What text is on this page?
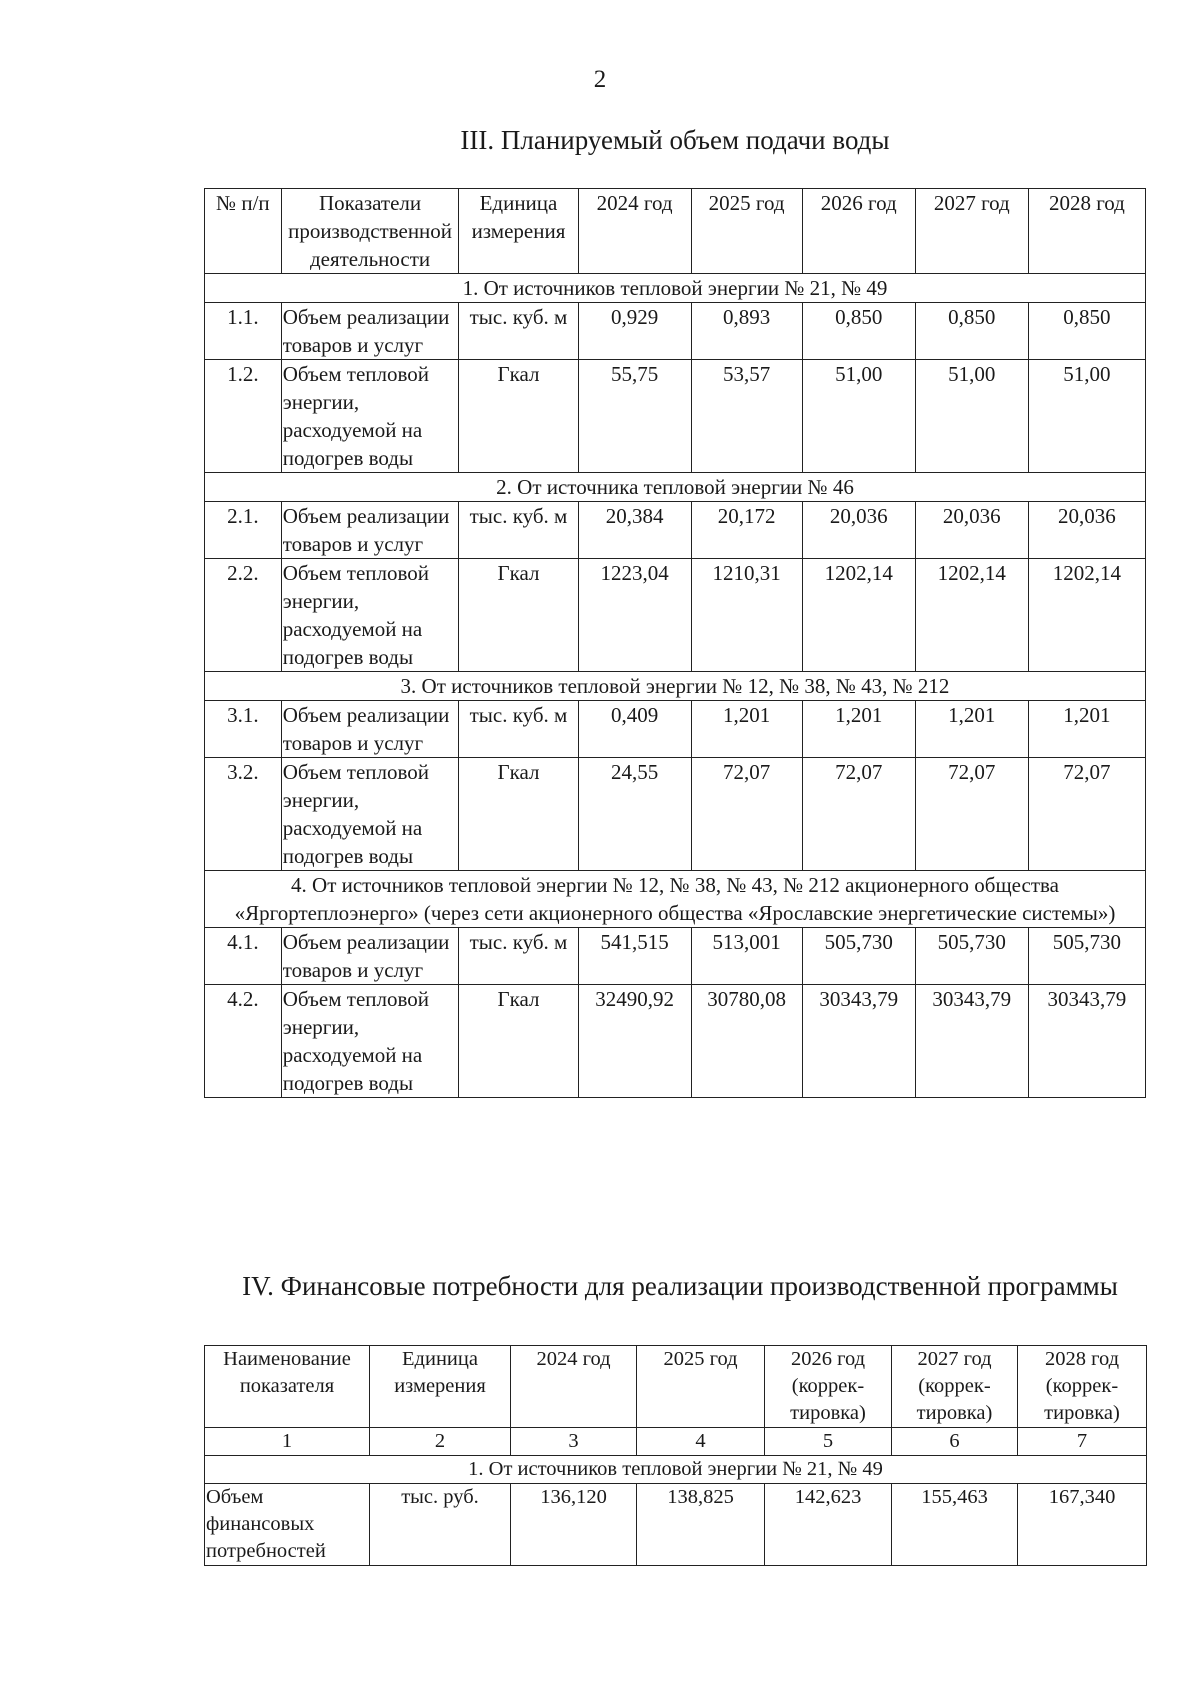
2
III. Планируемый объем подачи воды
№ п/п	Показатели производственной деятельности	Единица измерения	2024 год	2025 год	2026 год	2027 год	2028 год
1. От источников тепловой энергии № 21, № 49							
1.1.	Объем реализации товаров и услуг	тыс. куб. м	0,929	0,893	0,850	0,850	0,850
1.2.	Объем тепловой энергии, расходуемой на подогрев воды	Гкал	55,75	53,57	51,00	51,00	51,00
2. От источника тепловой энергии № 46							
2.1.	Объем реализации товаров и услуг	тыс. куб. м	20,384	20,172	20,036	20,036	20,036
2.2.	Объем тепловой энергии, расходуемой на подогрев воды	Гкал	1223,04	1210,31	1202,14	1202,14	1202,14
3. От источников тепловой энергии № 12, № 38, № 43, № 212							
3.1.	Объем реализации товаров и услуг	тыс. куб. м	0,409	1,201	1,201	1,201	1,201
3.2.	Объем тепловой энергии, расходуемой на подогрев воды	Гкал	24,55	72,07	72,07	72,07	72,07
4. От источников тепловой энергии № 12, № 38, № 43, № 212 акционерного общества «Яргортеплоэнерго» (через сети акционерного общества «Ярославские энергетические системы»)							
4.1.	Объем реализации товаров и услуг	тыс. куб. м	541,515	513,001	505,730	505,730	505,730
4.2.	Объем тепловой энергии, расходуемой на подогрев воды	Гкал	32490,92	30780,08	30343,79	30343,79	30343,79
IV. Финансовые потребности для реализации производственной программы
Наименование показателя	Единица измерения	2024 год	2025 год	2026 год (коррек-тировка)	2027 год (коррек-тировка)	2028 год (коррек-тировка)
1	2	3	4	5	6	7
1. От источников тепловой энергии № 21, № 49						
Объем финансовых потребностей	тыс. руб.	136,120	138,825	142,623	155,463	167,340
